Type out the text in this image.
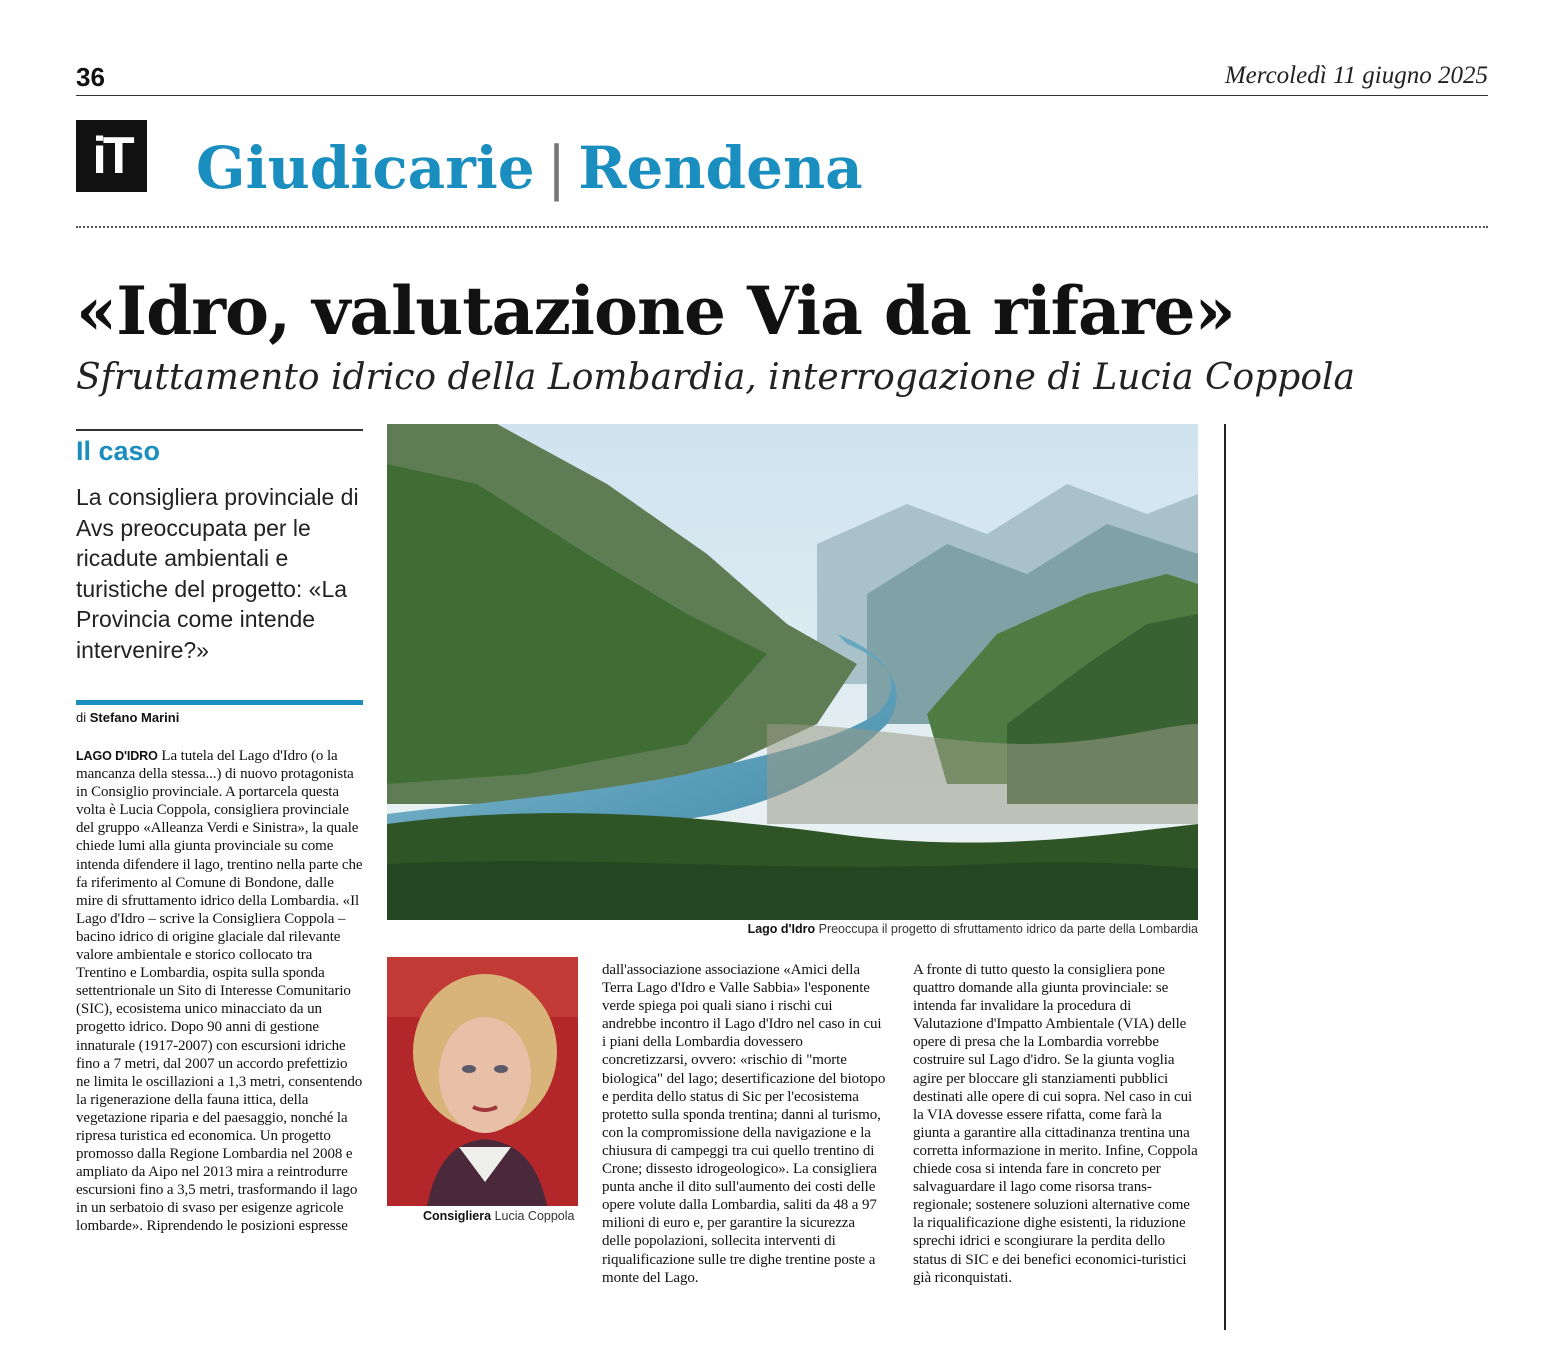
36	Mercoledì 11 giugno 2025
iT Giudicarie | Rendena
«Idro, valutazione Via da rifare»
Sfruttamento idrico della Lombardia, interrogazione di Lucia Coppola
Il caso
La consigliera provinciale di Avs preoccupata per le ricadute ambientali e turistiche del progetto: «La Provincia come intende intervenire?»
di Stefano Marini
LAGO D'IDRO La tutela del Lago d'Idro (o la mancanza della stessa...) di nuovo protagonista in Consiglio provinciale. A portarcela questa volta è Lucia Coppola, consigliera provinciale del gruppo «Alleanza Verdi e Sinistra», la quale chiede lumi alla giunta provinciale su come intenda difendere il lago, trentino nella parte che fa riferimento al Comune di Bondone, dalle mire di sfruttamento idrico della Lombardia. «Il Lago d'Idro – scrive la Consigliera Coppola – bacino idrico di origine glaciale dal rilevante valore ambientale e storico collocato tra Trentino e Lombardia, ospita sulla sponda settentrionale un Sito di Interesse Comunitario (SIC), ecosistema unico minacciato da un progetto idrico. Dopo 90 anni di gestione innaturale (1917-2007) con escursioni idriche fino a 7 metri, dal 2007 un accordo prefettizio ne limita le oscillazioni a 1,3 metri, consentendo la rigenerazione della fauna ittica, della vegetazione riparia e del paesaggio, nonché la ripresa turistica ed economica. Un progetto promosso dalla Regione Lombardia nel 2008 e ampliato da Aipo nel 2013 mira a reintrodurre escursioni fino a 3,5 metri, trasformando il lago in un serbatoio di svaso per esigenze agricole lombarde». Riprendendo le posizioni espresse
Lago d'Idro Preoccupa il progetto di sfruttamento idrico da parte della Lombardia
Consigliera Lucia Coppola
dall'associazione associazione «Amici della Terra Lago d'Idro e Valle Sabbia» l'esponente verde spiega poi quali siano i rischi cui andrebbe incontro il Lago d'Idro nel caso in cui i piani della Lombardia dovessero concretizzarsi, ovvero: «rischio di "morte biologica" del lago; desertificazione del biotopo e perdita dello status di Sic per l'ecosistema protetto sulla sponda trentina; danni al turismo, con la compromissione della navigazione e la chiusura di campeggi tra cui quello trentino di Crone; dissesto idrogeologico». La consigliera punta anche il dito sull'aumento dei costi delle opere volute dalla Lombardia, saliti da 48 a 97 milioni di euro e, per garantire la sicurezza delle popolazioni, sollecita interventi di riqualificazione sulle tre dighe trentine poste a monte del Lago.
A fronte di tutto questo la consigliera pone quattro domande alla giunta provinciale: se intenda far invalidare la procedura di Valutazione d'Impatto Ambientale (VIA) delle opere di presa che la Lombardia vorrebbe costruire sul Lago d'idro. Se la giunta voglia agire per bloccare gli stanziamenti pubblici destinati alle opere di cui sopra. Nel caso in cui la VIA dovesse essere rifatta, come farà la giunta a garantire alla cittadinanza trentina una corretta informazione in merito. Infine, Coppola chiede cosa si intenda fare in concreto per salvaguardare il lago come risorsa trans-regionale; sostenere soluzioni alternative come la riqualificazione dighe esistenti, la riduzione sprechi idrici e scongiurare la perdita dello status di SIC e dei benefici economici-turistici già riconquistati.
